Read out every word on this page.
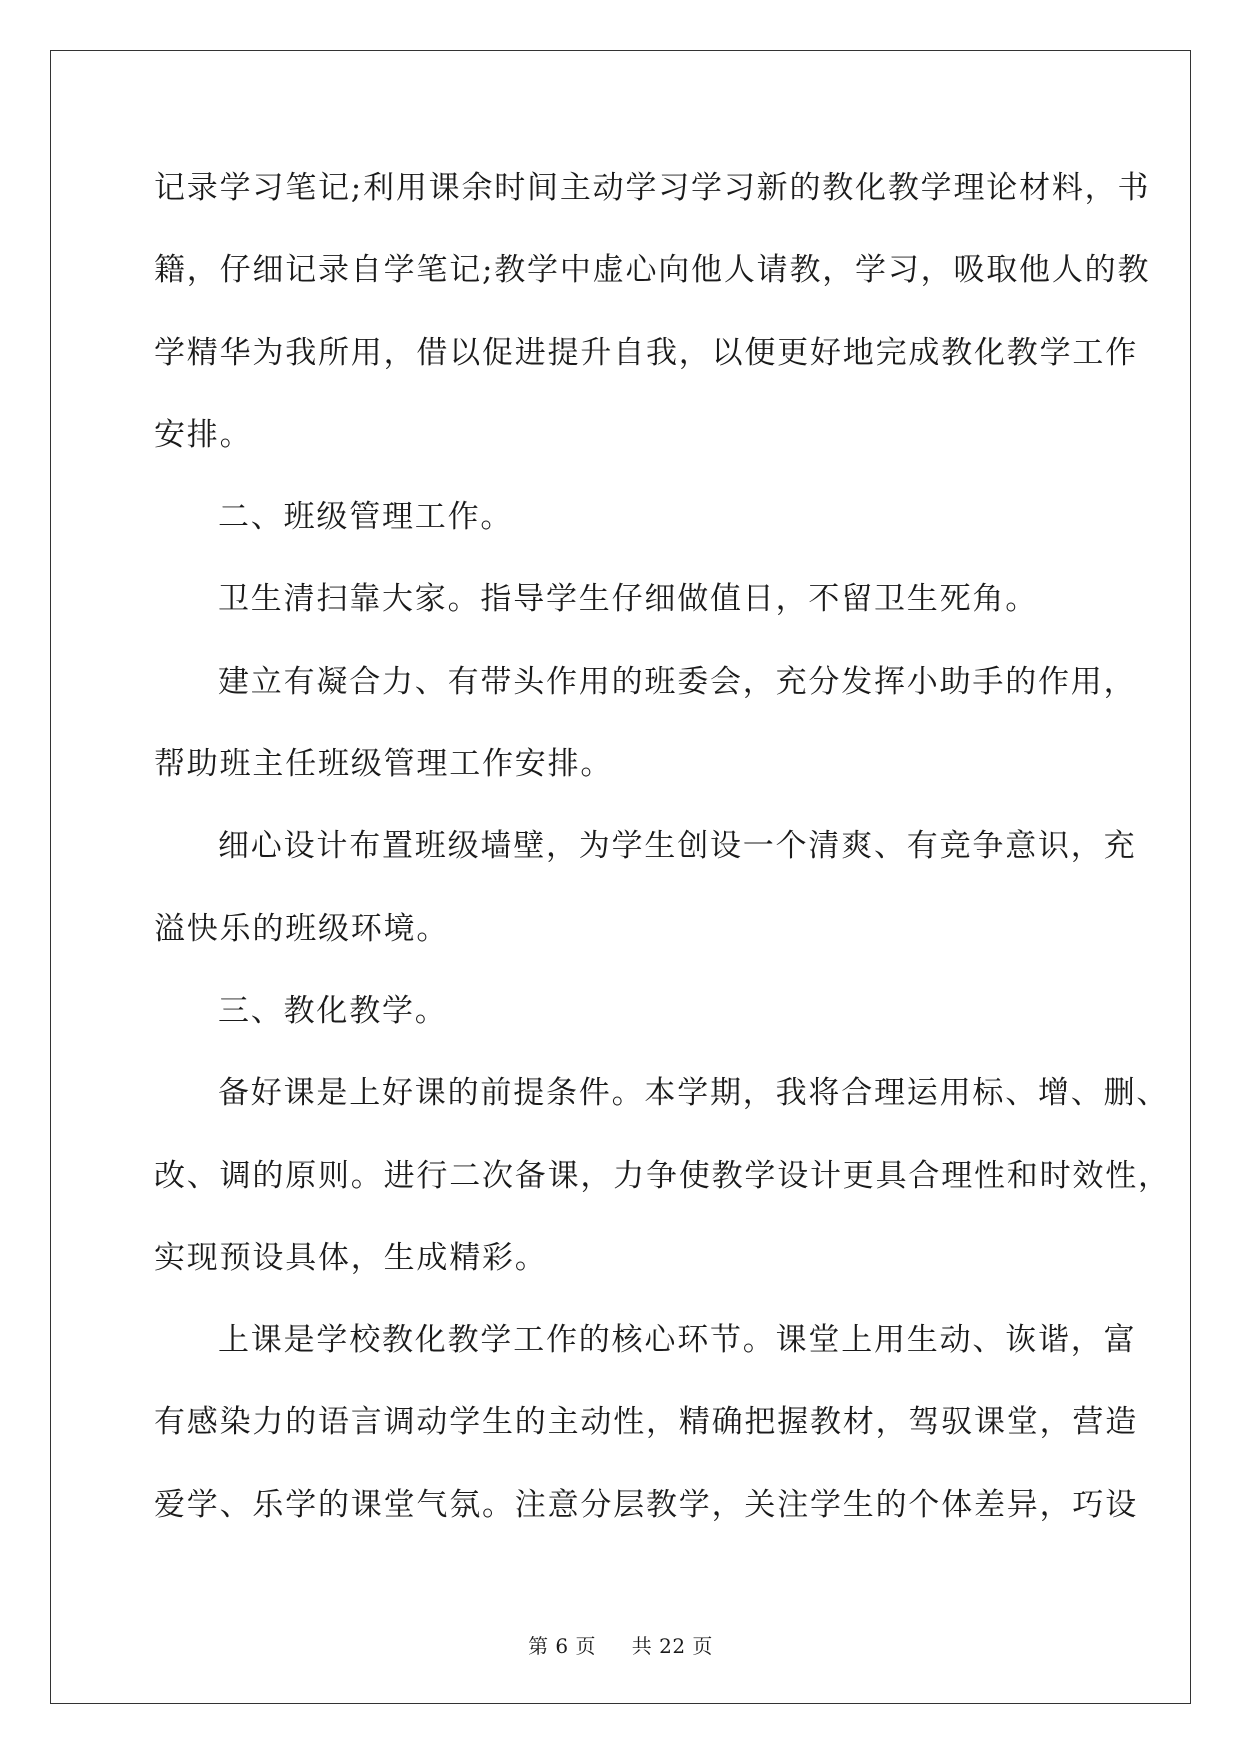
记录学习笔记;利用课余时间主动学习学习新的教化教学理论材料，书
籍，仔细记录自学笔记;教学中虚心向他人请教，学习，吸取他人的教
学精华为我所用，借以促进提升自我，以便更好地完成教化教学工作
安排。
二、班级管理工作。
卫生清扫靠大家。指导学生仔细做值日，不留卫生死角。
建立有凝合力、有带头作用的班委会，充分发挥小助手的作用，
帮助班主任班级管理工作安排。
细心设计布置班级墙壁，为学生创设一个清爽、有竞争意识，充
溢快乐的班级环境。
三、教化教学。
备好课是上好课的前提条件。本学期，我将合理运用标、增、删、
改、调的原则。进行二次备课，力争使教学设计更具合理性和时效性，
实现预设具体，生成精彩。
上课是学校教化教学工作的核心环节。课堂上用生动、诙谐，富
有感染力的语言调动学生的主动性，精确把握教材，驾驭课堂，营造
爱学、乐学的课堂气氛。注意分层教学，关注学生的个体差异，巧设
第 6 页 共 22 页
